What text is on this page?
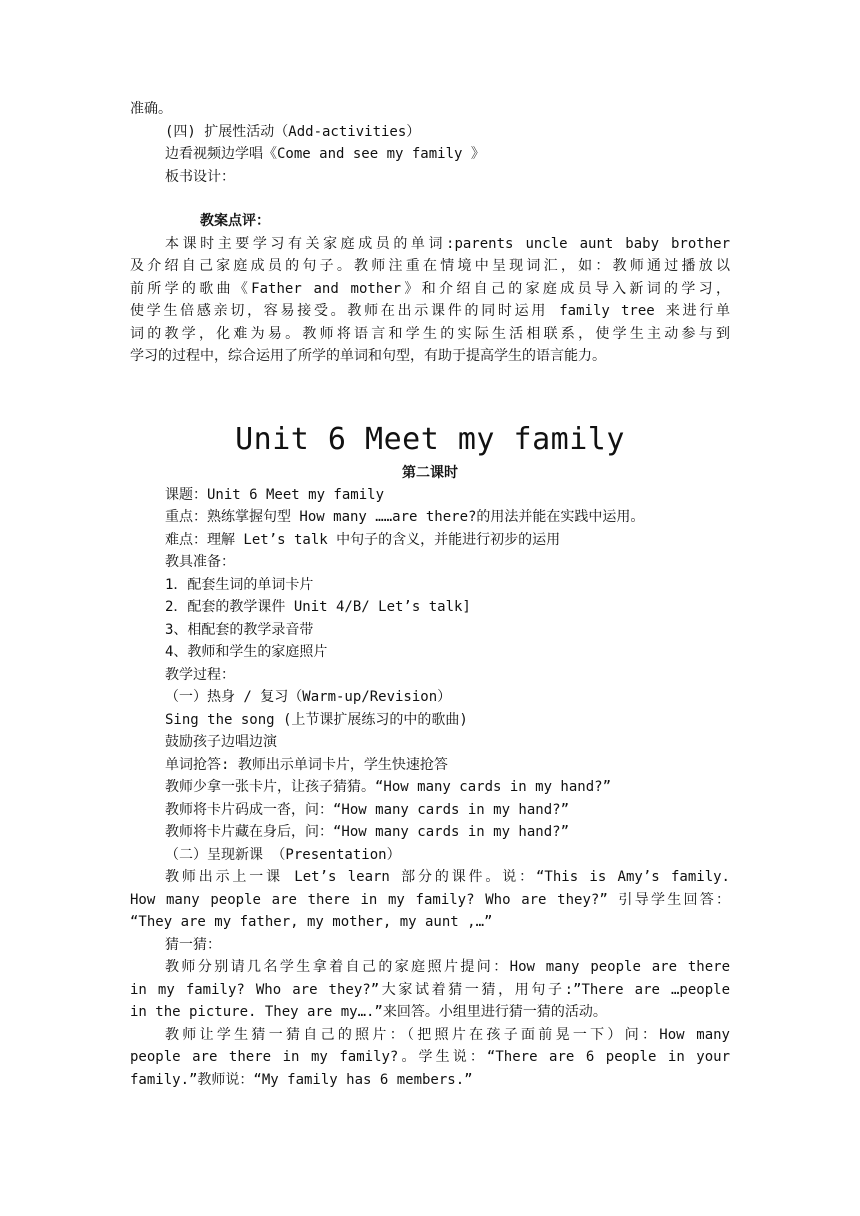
准确。

(四) 扩展性活动（Add-activities）

边看视频边学唱《Come and see my family 》

板书设计：

教案点评：

本课时主要学习有关家庭成员的单词:parents uncle aunt baby brother

及介绍自己家庭成员的句子。教师注重在情境中呈现词汇，如：教师通过播放以

前所学的歌曲《Father and mother》和介绍自己的家庭成员导入新词的学习，

使学生倍感亲切，容易接受。教师在出示课件的同时运用 family tree 来进行单

词的教学，化难为易。教师将语言和学生的实际生活相联系，使学生主动参与到

学习的过程中，综合运用了所学的单词和句型，有助于提高学生的语言能力。

Unit 6 Meet my family

第二课时

课题：Unit 6 Meet my family

重点：熟练掌握句型 How many ……are there?的用法并能在实践中运用。

难点：理解 Let’s talk 中句子的含义，并能进行初步的运用

教具准备：

1．配套生词的单词卡片

2．配套的教学课件 Unit 4/B/ Let’s talk]

3、相配套的教学录音带

4、教师和学生的家庭照片

教学过程：

（一）热身 / 复习（Warm-up/Revision）

Sing the song (上节课扩展练习的中的歌曲)

鼓励孩子边唱边演

单词抢答: 教师出示单词卡片，学生快速抢答

教师少拿一张卡片，让孩子猜猜。“How many cards in my hand?”

教师将卡片码成一沓，问：“How many cards in my hand?”

教师将卡片藏在身后，问：“How many cards in my hand?”

（二）呈现新课 （Presentation）

教师出示上一课 Let’s learn 部分的课件。说：“This is Amy’s family.

How many people are there in my family? Who are they?” 引导学生回答：

“They are my father, my mother, my aunt ,…”

猜一猜：

教师分别请几名学生拿着自己的家庭照片提问：How many people are there

in my family? Who are they?”大家试着猜一猜，用句子:”There are …people

in the picture. They are my….”来回答。小组里进行猜一猜的活动。

教师让学生猜一猜自己的照片：（把照片在孩子面前晃一下）问：How many

people are there in my family?。学生说：“There are 6 people in your

family.”教师说：“My family has 6 members.”
